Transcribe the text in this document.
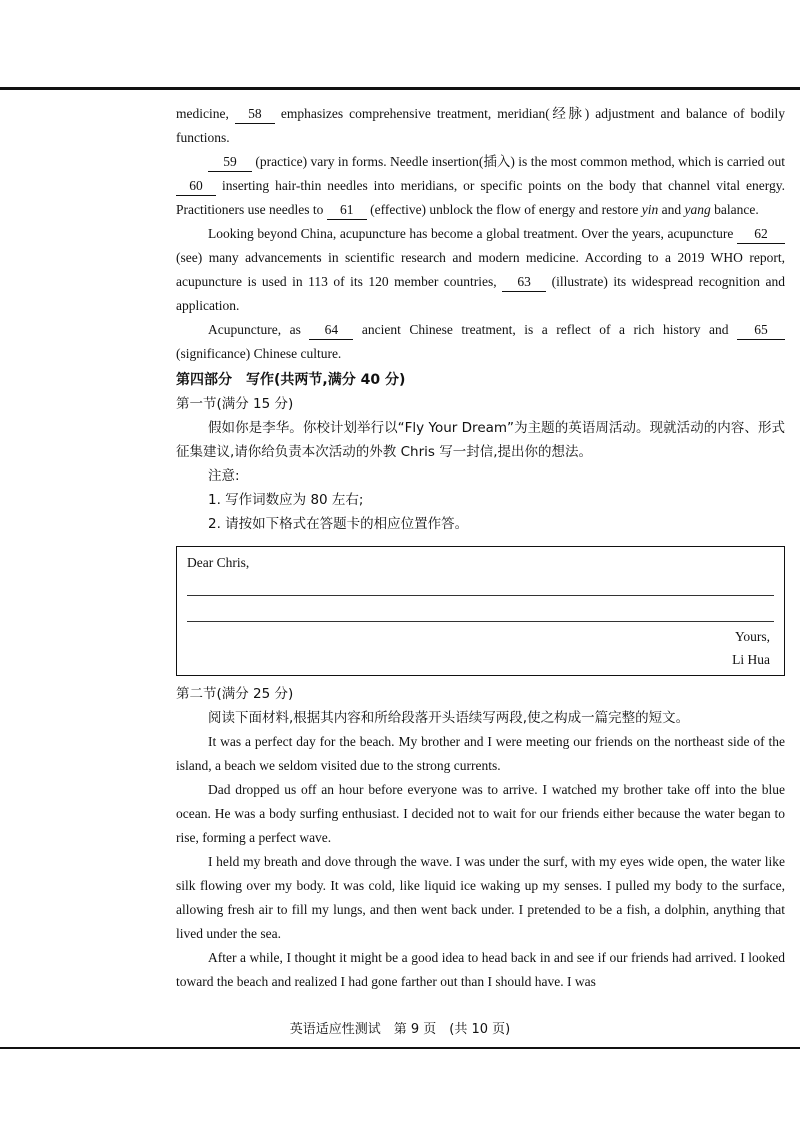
medicine, 58 emphasizes comprehensive treatment, meridian(经脉) adjustment and balance of bodily functions.

59 (practice) vary in forms. Needle insertion(插入) is the most common method, which is carried out 60 inserting hair-thin needles into meridians, or specific points on the body that channel vital energy. Practitioners use needles to 61 (effective) unblock the flow of energy and restore yin and yang balance.

Looking beyond China, acupuncture has become a global treatment. Over the years, acupuncture 62 (see) many advancements in scientific research and modern medicine. According to a 2019 WHO report, acupuncture is used in 113 of its 120 member countries, 63 (illustrate) its widespread recognition and application.

Acupuncture, as 64 ancient Chinese treatment, is a reflect of a rich history and 65 (significance) Chinese culture.

第四部分　写作(共两节,满分 40 分)
第一节(满分 15 分)

假如你是李华。你校计划举行以“Fly Your Dream”为主题的英语周活动。现就活动的内容、形式征集建议,请你给负责本次活动的外教 Chris 写一封信,提出你的想法。

注意:

1. 写作词数应为 80 左右;

2. 请按如下格式在答题卡的相应位置作答。

Dear Chris,
Yours,
Li Hua
第二节(满分 25 分)

阅读下面材料,根据其内容和所给段落开头语续写两段,使之构成一篇完整的短文。

It was a perfect day for the beach. My brother and I were meeting our friends on the northeast side of the island, a beach we seldom visited due to the strong currents.

Dad dropped us off an hour before everyone was to arrive. I watched my brother take off into the blue ocean. He was a body surfing enthusiast. I decided not to wait for our friends either because the water began to rise, forming a perfect wave.

I held my breath and dove through the wave. I was under the surf, with my eyes wide open, the water like silk flowing over my body. It was cold, like liquid ice waking up my senses. I pulled my body to the surface, allowing fresh air to fill my lungs, and then went back under. I pretended to be a fish, a dolphin, anything that lived under the sea.

After a while, I thought it might be a good idea to head back in and see if our friends had arrived. I looked toward the beach and realized I had gone farther out than I should have. I was

英语适应性测试　第 9 页　(共 10 页)
